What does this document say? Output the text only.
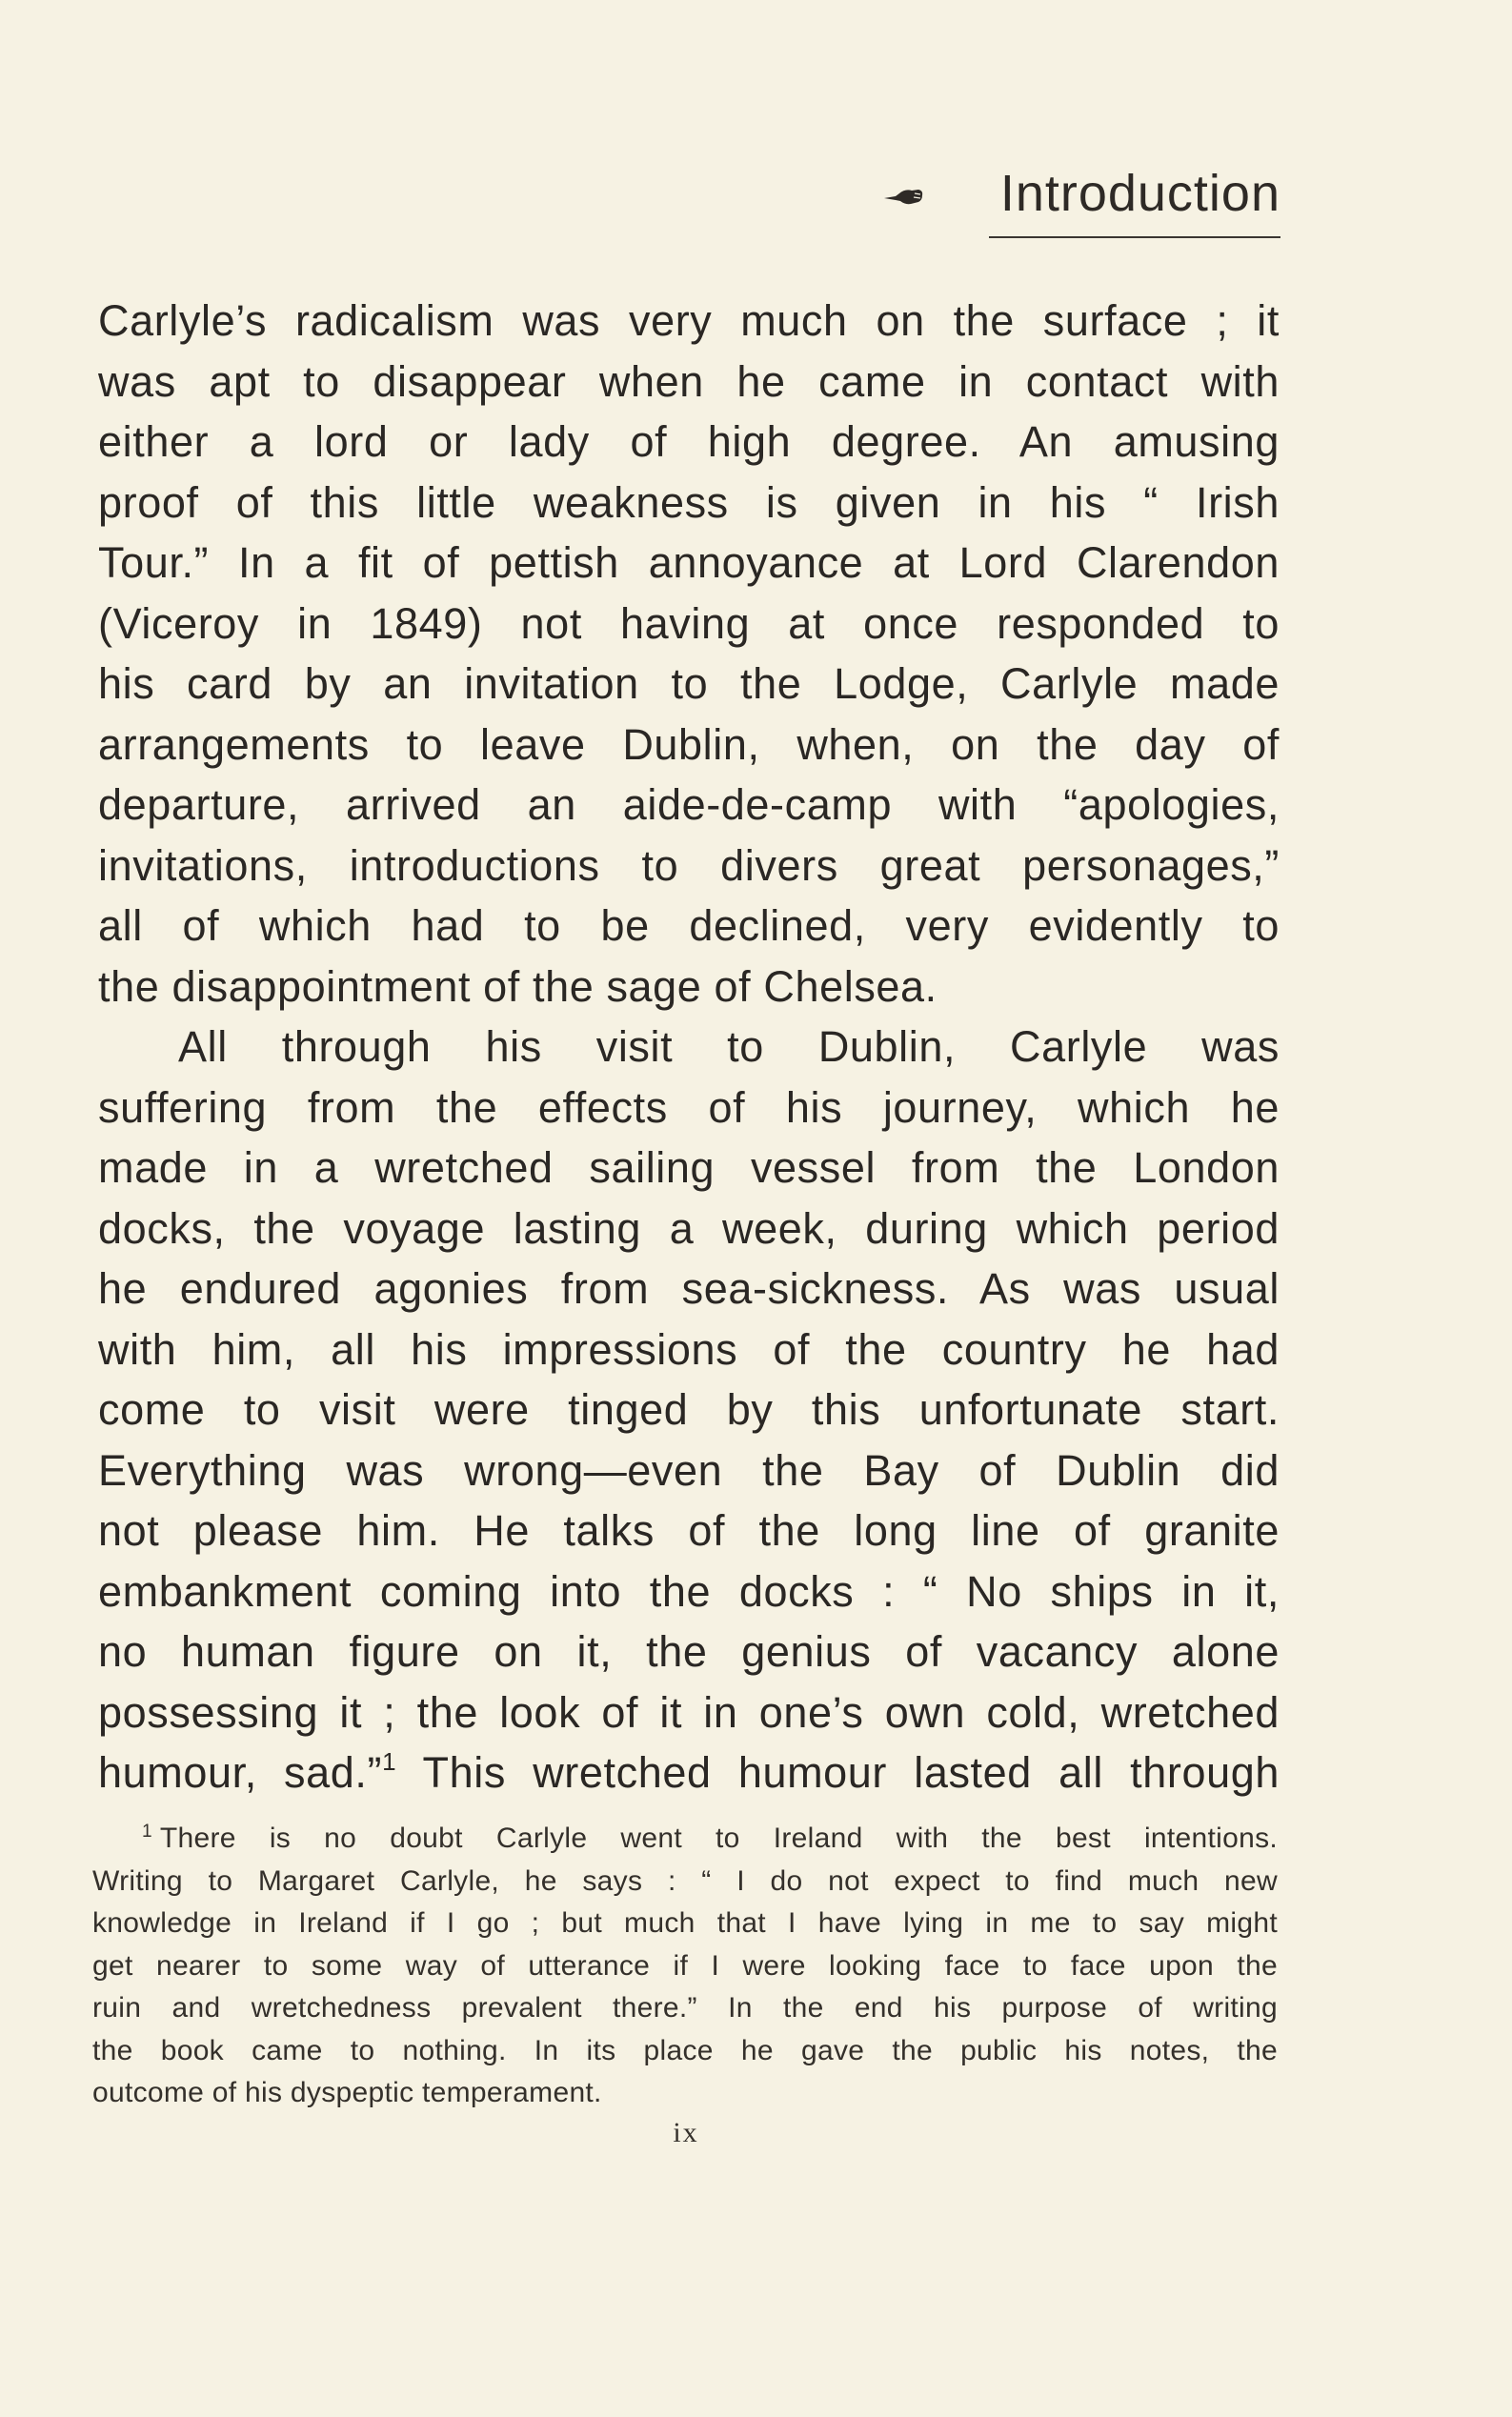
Introduction
Carlyle’s radicalism was very much on the surface ; it
was apt to disappear when he came in contact with
either a lord or lady of high degree. An amusing
proof of this little weakness is given in his “ Irish
Tour.” In a fit of pettish annoyance at Lord Clarendon
(Viceroy in 1849) not having at once responded to
his card by an invitation to the Lodge, Carlyle made
arrangements to leave Dublin, when, on the day of
departure, arrived an aide-de-camp with “apologies,
invitations, introductions to divers great personages,”
all of which had to be declined, very evidently to
the disappointment of the sage of Chelsea.
All through his visit to Dublin, Carlyle was
suffering from the effects of his journey, which he
made in a wretched sailing vessel from the London
docks, the voyage lasting a week, during which period
he endured agonies from sea-sickness. As was usual
with him, all his impressions of the country he had
come to visit were tinged by this unfortunate start.
Everything was wrong—even the Bay of Dublin did
not please him. He talks of the long line of granite
embankment coming into the docks : “ No ships in it,
no human figure on it, the genius of vacancy alone
possessing it ; the look of it in one’s own cold, wretched
humour, sad.”$^1$ This wretched humour lasted all through
$^1$ There is no doubt Carlyle went to Ireland with the best intentions.
Writing to Margaret Carlyle, he says : “ I do not expect to find much new
knowledge in Ireland if I go ; but much that I have lying in me to say might
get nearer to some way of utterance if I were looking face to face upon the
ruin and wretchedness prevalent there.” In the end his purpose of writing
the book came to nothing. In its place he gave the public his notes, the
outcome of his dyspeptic temperament.
ix
